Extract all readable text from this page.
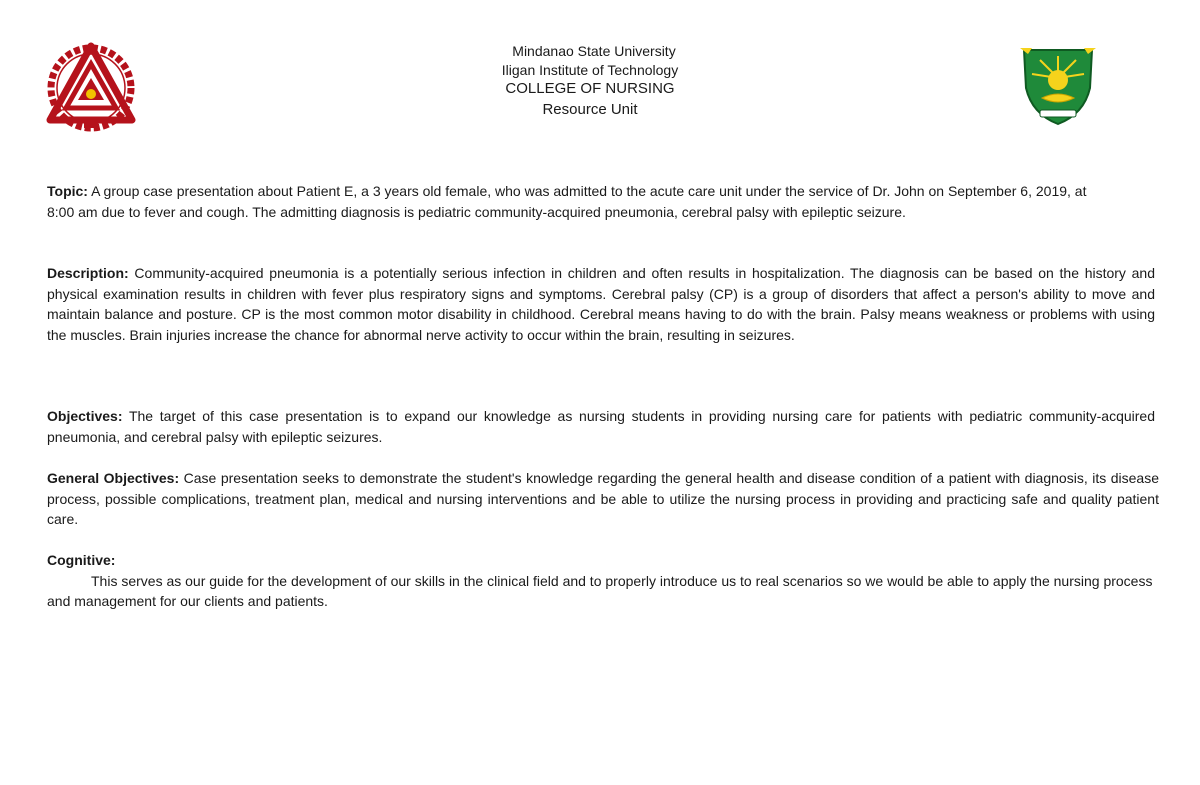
Mindanao State University
Iligan Institute of Technology
COLLEGE OF NURSING
Resource Unit

Topic: A group case presentation about Patient E, a 3 years old female, who was admitted to the acute care unit under the service of Dr. John on September 6, 2019, at 8:00 am due to fever and cough. The admitting diagnosis is pediatric community-acquired pneumonia, cerebral palsy with epileptic seizure.

Description: Community-acquired pneumonia is a potentially serious infection in children and often results in hospitalization. The diagnosis can be based on the history and physical examination results in children with fever plus respiratory signs and symptoms. Cerebral palsy (CP) is a group of disorders that affect a person's ability to move and maintain balance and posture. CP is the most common motor disability in childhood. Cerebral means having to do with the brain. Palsy means weakness or problems with using the muscles. Brain injuries increase the chance for abnormal nerve activity to occur within the brain, resulting in seizures.

Objectives: The target of this case presentation is to expand our knowledge as nursing students in providing nursing care for patients with pediatric community-acquired pneumonia, and cerebral palsy with epileptic seizures.

General Objectives: Case presentation seeks to demonstrate the student's knowledge regarding the general health and disease condition of a patient with diagnosis, its disease process, possible complications, treatment plan, medical and nursing interventions and be able to utilize the nursing process in providing and practicing safe and quality patient care.

Cognitive:

This serves as our guide for the development of our skills in the clinical field and to properly introduce us to real scenarios so we would be able to apply the nursing process and management for our clients and patients.
